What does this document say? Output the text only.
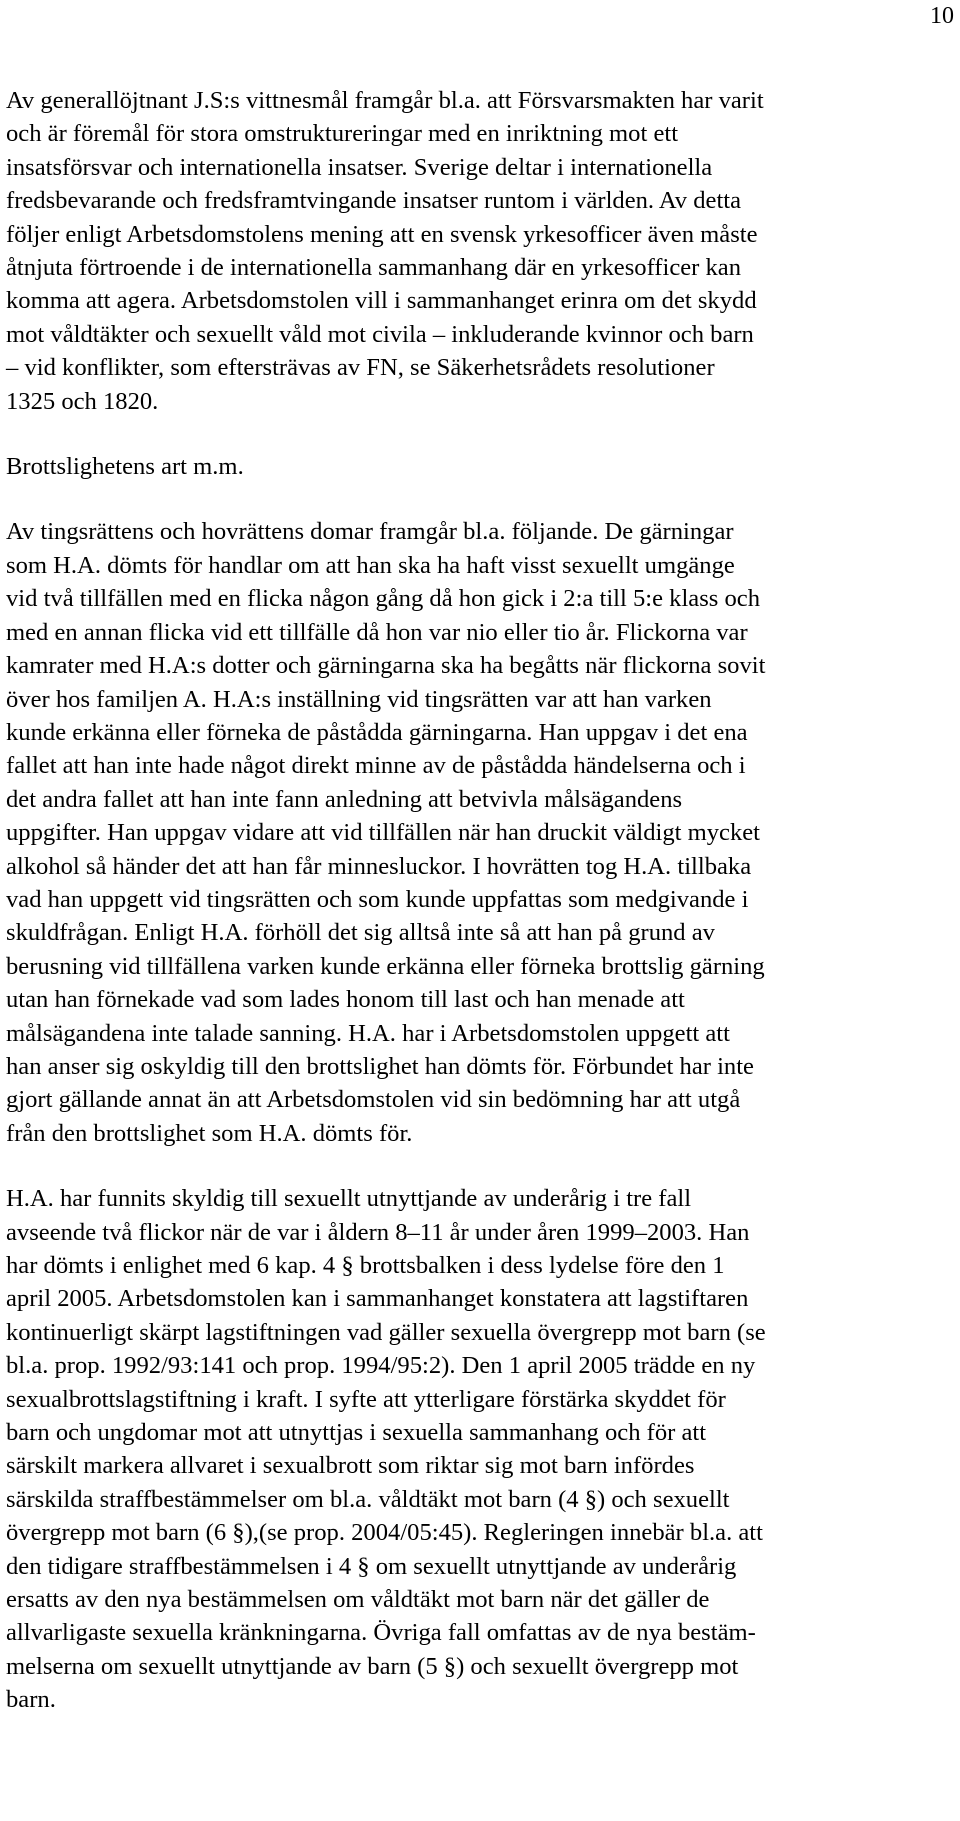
10

Av generallöjtnant J.S:s vittnesmål framgår bl.a. att Försvarsmakten har varit
och är föremål för stora omstruktureringar med en inriktning mot ett
insatsförsvar och internationella insatser. Sverige deltar i internationella
fredsbevarande och fredsframtvingande insatser runtom i världen. Av detta
följer enligt Arbetsdomstolens mening att en svensk yrkesofficer även måste
åtnjuta förtroende i de internationella sammanhang där en yrkesofficer kan
komma att agera. Arbetsdomstolen vill i sammanhanget erinra om det skydd
mot våldtäkter och sexuellt våld mot civila – inkluderande kvinnor och barn
– vid konflikter, som eftersträvas av FN, se Säkerhetsrådets resolutioner
1325 och 1820.

Brottslighetens art m.m.

Av tingsrättens och hovrättens domar framgår bl.a. följande. De gärningar
som H.A. dömts för handlar om att han ska ha haft visst sexuellt umgänge
vid två tillfällen med en flicka någon gång då hon gick i 2:a till 5:e klass och
med en annan flicka vid ett tillfälle då hon var nio eller tio år. Flickorna var
kamrater med H.A:s dotter och gärningarna ska ha begåtts när flickorna sovit
över hos familjen A. H.A:s inställning vid tingsrätten var att han varken
kunde erkänna eller förneka de påstådda gärningarna. Han uppgav i det ena
fallet att han inte hade något direkt minne av de påstådda händelserna och i
det andra fallet att han inte fann anledning att betvivla målsägandens
uppgifter. Han uppgav vidare att vid tillfällen när han druckit väldigt mycket
alkohol så händer det att han får minnesluckor. I hovrätten tog H.A. tillbaka
vad han uppgett vid tingsrätten och som kunde uppfattas som medgivande i
skuldfrågan. Enligt H.A. förhöll det sig alltså inte så att han på grund av
berusning vid tillfällena varken kunde erkänna eller förneka brottslig gärning
utan han förnekade vad som lades honom till last och han menade att
målsägandena inte talade sanning. H.A. har i Arbetsdomstolen uppgett att
han anser sig oskyldig till den brottslighet han dömts för. Förbundet har inte
gjort gällande annat än att Arbetsdomstolen vid sin bedömning har att utgå
från den brottslighet som H.A. dömts för.

H.A. har funnits skyldig till sexuellt utnyttjande av underårig i tre fall
avseende två flickor när de var i åldern 8–11 år under åren 1999–2003. Han
har dömts i enlighet med 6 kap. 4 § brottsbalken i dess lydelse före den 1
april 2005. Arbetsdomstolen kan i sammanhanget konstatera att lagstiftaren
kontinuerligt skärpt lagstiftningen vad gäller sexuella övergrepp mot barn (se
bl.a. prop. 1992/93:141 och prop. 1994/95:2). Den 1 april 2005 trädde en ny
sexualbrottslagstiftning i kraft. I syfte att ytterligare förstärka skyddet för
barn och ungdomar mot att utnyttjas i sexuella sammanhang och för att
särskilt markera allvaret i sexualbrott som riktar sig mot barn infördes
särskilda straffbestämmelser om bl.a. våldtäkt mot barn (4 §) och sexuellt
övergrepp mot barn (6 §),(se prop. 2004/05:45). Regleringen innebär bl.a. att
den tidigare straffbestämmelsen i 4 § om sexuellt utnyttjande av underårig
ersatts av den nya bestämmelsen om våldtäkt mot barn när det gäller de
allvarligaste sexuella kränkningarna. Övriga fall omfattas av de nya bestäm-
melserna om sexuellt utnyttjande av barn (5 §) och sexuellt övergrepp mot
barn.
